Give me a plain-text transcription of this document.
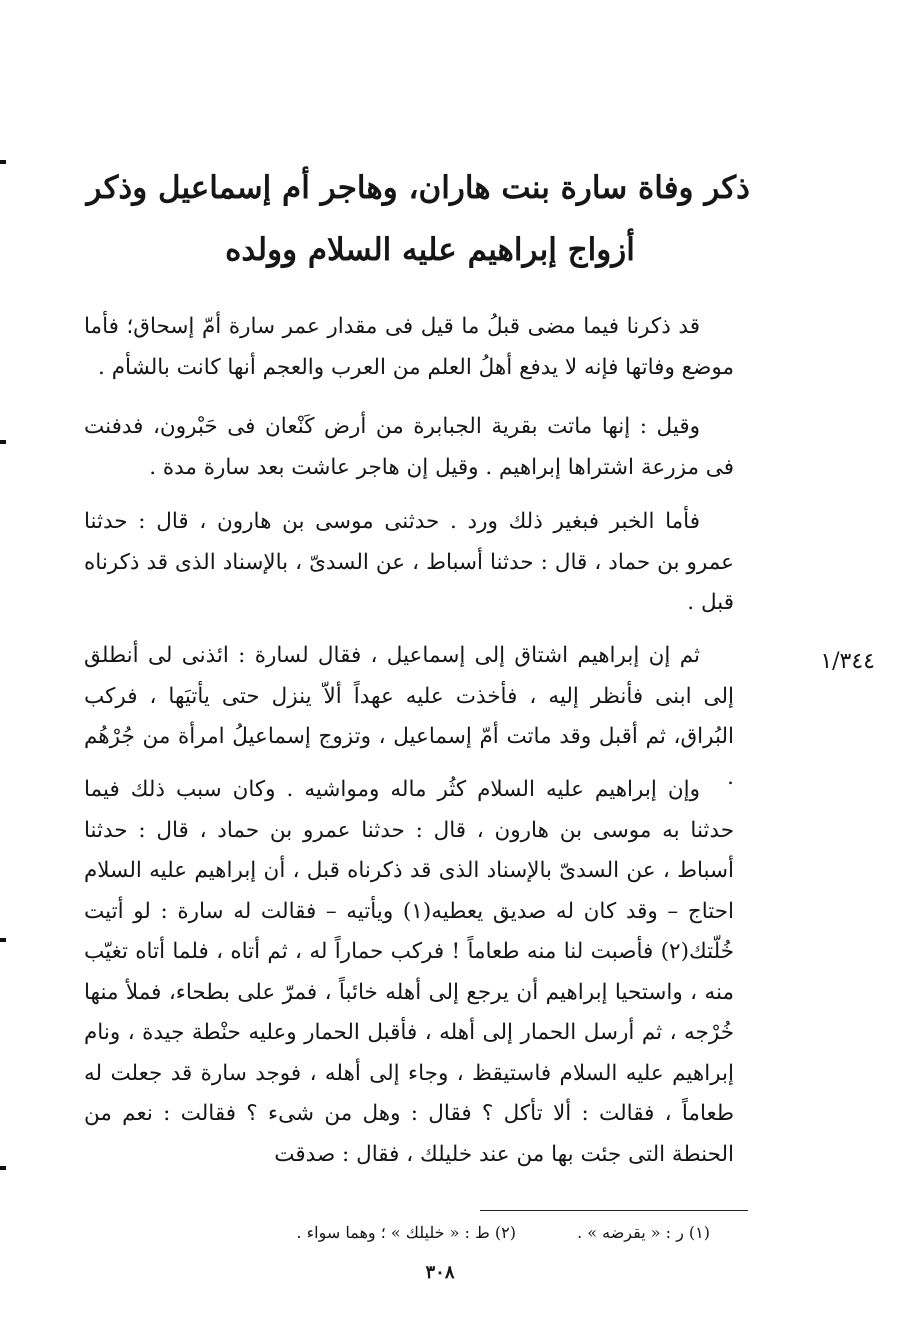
ذكر وفاة سارة بنت هاران، وهاجر أم إسماعيل وذكر
أزواج إبراهيم عليه السلام وولده

قد ذكرنا فيما مضى قبلُ ما قيل فى مقدار عمر سارة أمّ إسحاق؛ فأما موضع وفاتها فإنه لا يدفع أهلُ العلم من العرب والعجم أنها كانت بالشأم .

وقيل : إنها ماتت بقرية الجبابرة من أرض كَنْعان فى حَبْرون، فدفنت فى مزرعة اشتراها إبراهيم . وقيل إن هاجر عاشت بعد سارة مدة .

فأما الخبر فبغير ذلك ورد . حدثنى موسى بن هارون ، قال : حدثنا عمرو بن حماد ، قال : حدثنا أسباط ، عن السدىّ ، بالإسناد الذى قد ذكرناه قبل .

ثم إن إبراهيم اشتاق إلى إسماعيل ، فقال لسارة : ائذنى لى أنطلق إلى ابنى فأنظر إليه ، فأخذت عليه عهداً ألاّ ينزل حتى يأتيَها ، فركب البُراق، ثم أقبل وقد ماتت أمّ إسماعيل ، وتزوج إسماعيلُ امرأة من جُرْهُم .

وإن إبراهيم عليه السلام كثُر ماله ومواشيه . وكان سبب ذلك فيما حدثنا به موسى بن هارون ، قال : حدثنا عمرو بن حماد ، قال : حدثنا أسباط ، عن السدىّ بالإسناد الذى قد ذكرناه قبل ، أن إبراهيم عليه السلام احتاج – وقد كان له صديق يعطيه(١) ويأتيه – فقالت له سارة : لو أتيت خُلّتك(٢) فأصبت لنا منه طعاماً ! فركب حماراً له ، ثم أتاه ، فلما أتاه تغيّب منه ، واستحيا إبراهيم أن يرجع إلى أهله خائباً ، فمرّ على بطحاء، فملأ منها خُرْجه ، ثم أرسل الحمار إلى أهله ، فأقبل الحمار وعليه حنْطة جيدة ، ونام إبراهيم عليه السلام فاستيقظ ، وجاء إلى أهله ، فوجد سارة قد جعلت له طعاماً ، فقالت : ألا تأكل ؟ فقال : وهل من شىء ؟ فقالت : نعم من الحنطة التى جئت بها من عند خليلك ، فقال : صدقت

١/٣٤٤
(١) ر : « يقرضه » . (٢) ط : « خليلك » ؛ وهما سواء .
٣٠٨
